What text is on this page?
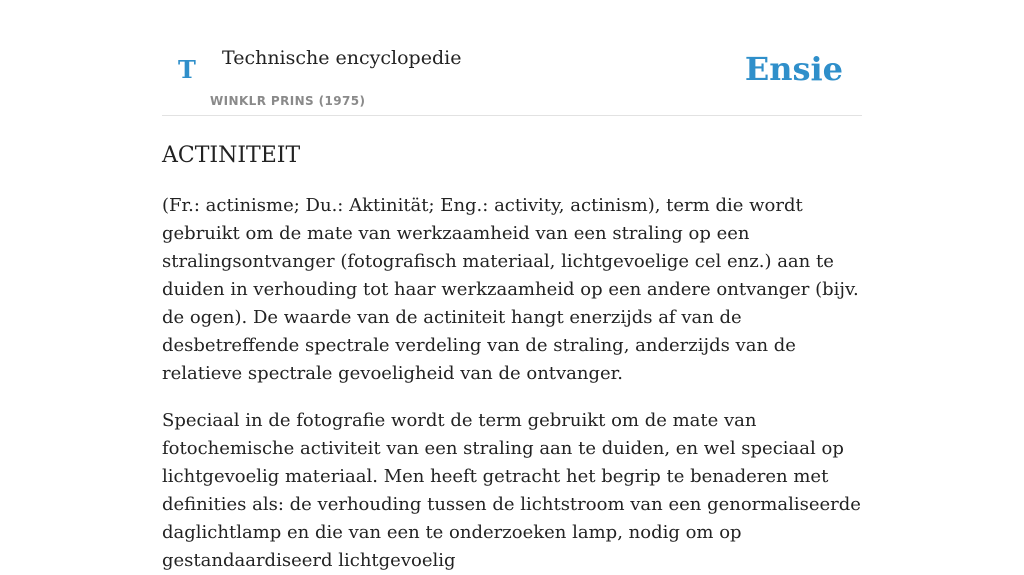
T Technische encyclopedie
WINKLR PRINS (1975)
Ensie
ACTINITEIT

(Fr.: actinisme; Du.: Aktinität; Eng.: activity, actinism), term die wordt gebruikt om de mate van werkzaamheid van een straling op een stralingsontvanger (fotografisch materiaal, lichtgevoelige cel enz.) aan te duiden in verhouding tot haar werkzaamheid op een andere ontvanger (bijv. de ogen). De waarde van de actiniteit hangt enerzijds af van de desbetreffende spectrale verdeling van de straling, anderzijds van de relatieve spectrale gevoeligheid van de ontvanger.

Speciaal in de fotografie wordt de term gebruikt om de mate van fotochemische activiteit van een straling aan te duiden, en wel speciaal op lichtgevoelig materiaal. Men heeft getracht het begrip te benaderen met definities als: de verhouding tussen de lichtstroom van een genormaliseerde daglichtlamp en die van een te onderzoeken lamp, nodig om op gestandaardiseerd lichtgevoelig
